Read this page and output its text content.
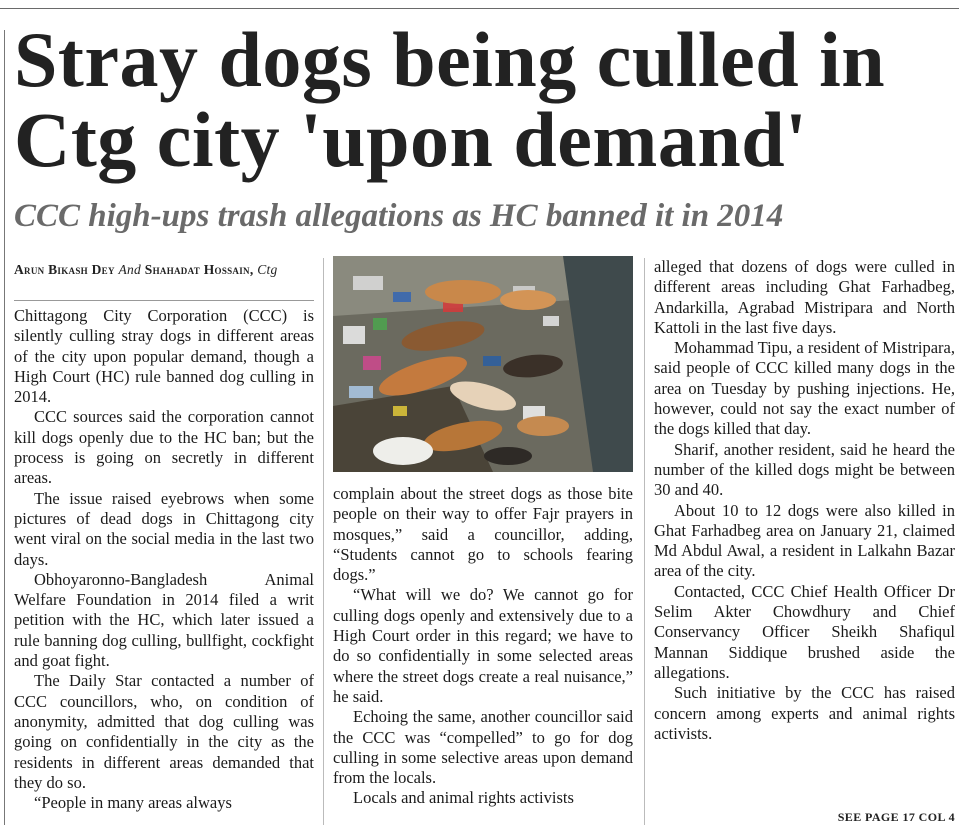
Stray dogs being culled in
Ctg city 'upon demand'
CCC high-ups trash allegations as HC banned it in 2014
Arun Bikash Dey And Shahadat Hossain, Ctg

Chittagong City Corporation (CCC) is silently culling stray dogs in different areas of the city upon popular demand, though a High Court (HC) rule banned dog culling in 2014.

CCC sources said the corporation cannot kill dogs openly due to the HC ban; but the process is going on secretly in different areas.

The issue raised eyebrows when some pictures of dead dogs in Chittagong city went viral on the social media in the last two days.

Obhoyaronno-Bangladesh Animal Welfare Foundation in 2014 filed a writ petition with the HC, which later issued a rule banning dog culling, bullfight, cockfight and goat fight.

The Daily Star contacted a number of CCC councillors, who, on condition of anonymity, admitted that dog culling was going on confidentially in the city as the residents in different areas demanded that they do so.

“People in many areas always

complain about the street dogs as those bite people on their way to offer Fajr prayers in mosques,” said a councillor, adding, “Students cannot go to schools fearing dogs.”

“What will we do? We cannot go for culling dogs openly and extensively due to a High Court order in this regard; we have to do so confidentially in some selected areas where the street dogs create a real nuisance,” he said.

Echoing the same, another councillor said the CCC was “compelled” to go for dog culling in some selective areas upon demand from the locals.

Locals and animal rights activists

alleged that dozens of dogs were culled in different areas including Ghat Farhadbeg, Andarkilla, Agrabad Mistripara and North Kattoli in the last five days.

Mohammad Tipu, a resident of Mistripara, said people of CCC killed many dogs in the area on Tuesday by pushing injections. He, however, could not say the exact number of the dogs killed that day.

Sharif, another resident, said he heard the number of the killed dogs might be between 30 and 40.

About 10 to 12 dogs were also killed in Ghat Farhadbeg area on January 21, claimed Md Abdul Awal, a resident in Lalkahn Bazar area of the city.

Contacted, CCC Chief Health Officer Dr Selim Akter Chowdhury and Chief Conservancy Officer Sheikh Shafiqul Mannan Siddique brushed aside the allegations.

Such initiative by the CCC has raised concern among experts and animal rights activists.

SEE PAGE 17 COL 4
